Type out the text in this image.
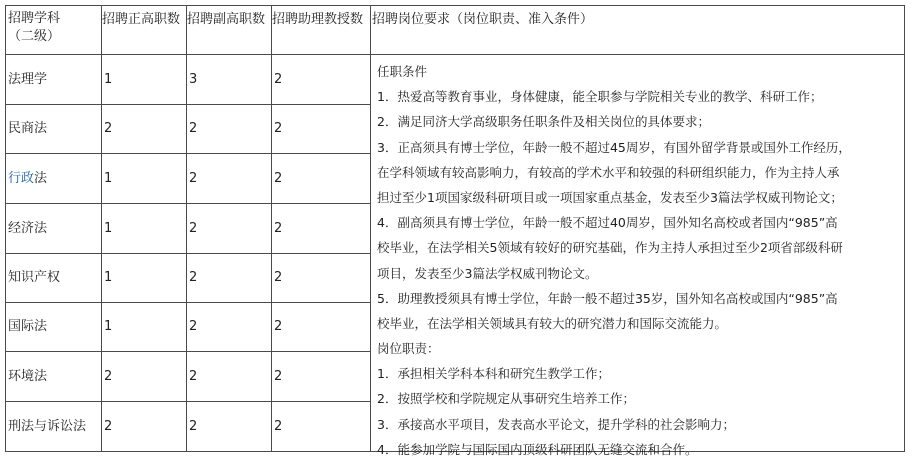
招聘学科
（二级）
招聘正高职数 招聘副高职数 招聘助理教授数 招聘岗位要求（岗位职责、准入条件）
法理学	1	3	2
民商法	2	2	2
行政 法	1	2	2
经济法	1	2	2
知识产权	1	2	2
国际法	1	2	2
环境法	2	2	2
刑法与诉讼法 2	2	2
任职条件
1．热爱高等教育事业，身体健康，能全职参与学院相关专业的教学、科研工作；
2．满足同济大学高级职务任职条件及相关岗位的具体要求；
3．正高须具有博士学位，年龄一般不超过45周岁，有国外留学背景或国外工作经历，
在学科领域有较高影响力，有较高的学术水平和较强的科研组织能力，作为主持人承
担过至少1项国家级科研项目或一项国家重点基金，发表至少3篇法学权威刊物论文；
4．副高须具有博士学位，年龄一般不超过40周岁，国外知名高校或者国内“985”高
校毕业，在法学相关5领域有较好的研究基础，作为主持人承担过至少2项省部级科研
项目，发表至少3篇法学权威刊物论文。
5．助理教授须具有博士学位，年龄一般不超过35岁，国外知名高校或国内“985”高
校毕业，在法学相关领域具有较大的研究潜力和国际交流能力。
岗位职责：
1．承担相关学科本科和研究生教学工作；
2．按照学校和学院规定从事研究生培养工作；
3．承接高水平项目，发表高水平论文，提升学科的社会影响力；
4．能参加学院与国际国内顶级科研团队无缝交流和合作。
